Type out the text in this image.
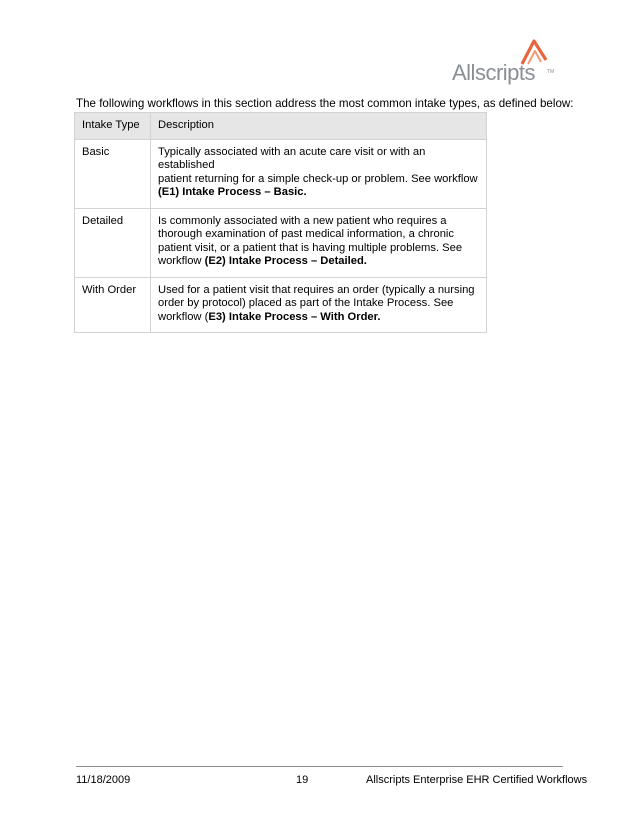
Allscripts TM

The following workflows in this section address the most common intake types, as defined below:

Intake Type	Description
Basic	Typically associated with an acute care visit or with an established
patient returning for a simple check-up or problem. See workflow
(E1) Intake Process – Basic.
Detailed	Is commonly associated with a new patient who requires a
thorough examination of past medical information, a chronic
patient visit, or a patient that is having multiple problems. See
workflow (E2) Intake Process – Detailed.
With Order	Used for a patient visit that requires an order (typically a nursing
order by protocol) placed as part of the Intake Process. See
workflow (E3) Intake Process – With Order.
11/18/2009	19	Allscripts Enterprise EHR Certified Workflows
